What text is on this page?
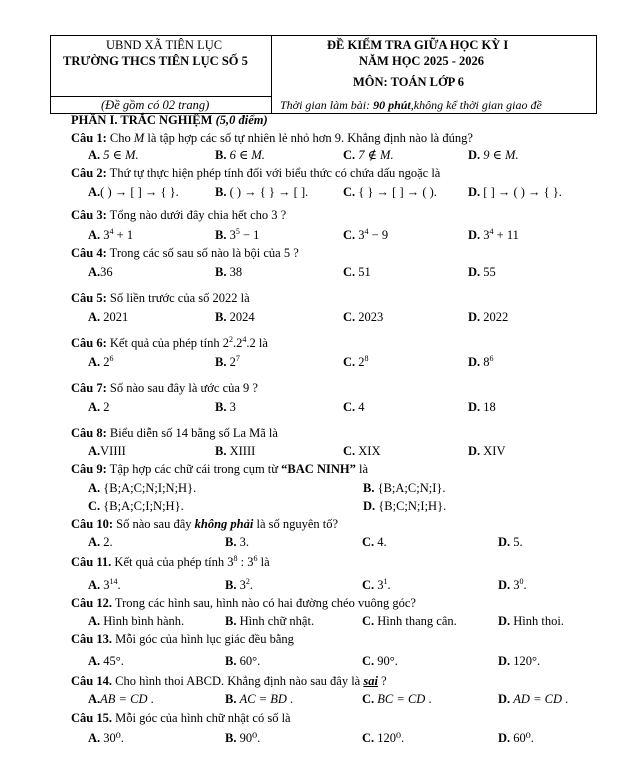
UBND XÃ TIÊN LỤC
TRƯỜNG THCS TIÊN LỤC SỐ 5
(Đề gồm có 02 trang)
ĐỀ KIỂM TRA GIỮA HỌC KỲ I
NĂM HỌC 2025 - 2026
MÔN: TOÁN LỚP 6
Thời gian làm bài: 90 phút,không kể thời gian giao đề
PHẦN I. TRẮC NGHIỆM (5,0 điểm)
Câu 1: Cho M là tập hợp các số tự nhiên lẻ nhỏ hơn 9. Khẳng định nào là đúng?
A. 5 ∈ M.	B. 6 ∈ M.	C. 7 ∉ M.	D. 9 ∈ M.
Câu 2: Thứ tự thực hiện phép tính đối với biểu thức có chứa dấu ngoặc là
A.( ) → [ ] → { }.	B. ( ) → { } → [ ].	C. { } → [ ] → ( ). D. [ ] → ( ) → { }.
Câu 3: Tổng nào dưới đây chia hết cho 3 ?
A. $3^4 + 1$	B. $3^5 - 1$	C. $3^4 - 9$	D. $3^4 + 11$
Câu 4: Trong các số sau số nào là bội của 5 ?
A.36	B. 38	C. 51	D. 55
Câu 5: Số liền trước của số 2022 là
A. 2021	B. 2024	C. 2023	D. 2022
Câu 6: Kết quả của phép tính $2^2.2^4.2$ là
A. $2^6$	B. $2^7$	C. $2^8$	D. $8^6$
Câu 7: Số nào sau đây là ước của 9 ?
A. 2	B. 3	C. 4	D. 18
Câu 8: Biểu diễn số 14 bằng số La Mã là
A.VIIII	B. XIIII	C. XIX	D. XIV
Câu 9: Tập hợp các chữ cái trong cụm từ “BAC NINH” là
A. {B;A;C;N;I;N;H}.	B. {B;A;C;N;I}.
C. {B;A;C;I;N;H}.	D. {B;C;N;I;H}.
Câu 10: Số nào sau đây không phải là số nguyên tố?
A. 2.	B. 3.	C. 4.	D. 5.
Câu 11. Kết quả của phép tính $3^8$ : $3^6$ là
A. $3^{14}$.	B. $3^2$.	C. $3^1$.	D. $3^0$.
Câu 12. Trong các hình sau, hình nào có hai đường chéo vuông góc?
A. Hình bình hành.	B. Hình chữ nhật.	C. Hình thang cân.	D. Hình thoi.
Câu 13. Mỗi góc của hình lục giác đều bằng
A. 45°.	B. 60°.	C. 90°.	D. 120°.
Câu 14. Cho hình thoi ABCD. Khẳng định nào sau đây là sai ?
A.AB = CD .	B. AC = BD .	C. BC = CD .	D. AD = CD .
Câu 15. Mỗi góc của hình chữ nhật có số là
A. 30⁰.	B. 90⁰.	C. 120⁰.	D. 60⁰.
